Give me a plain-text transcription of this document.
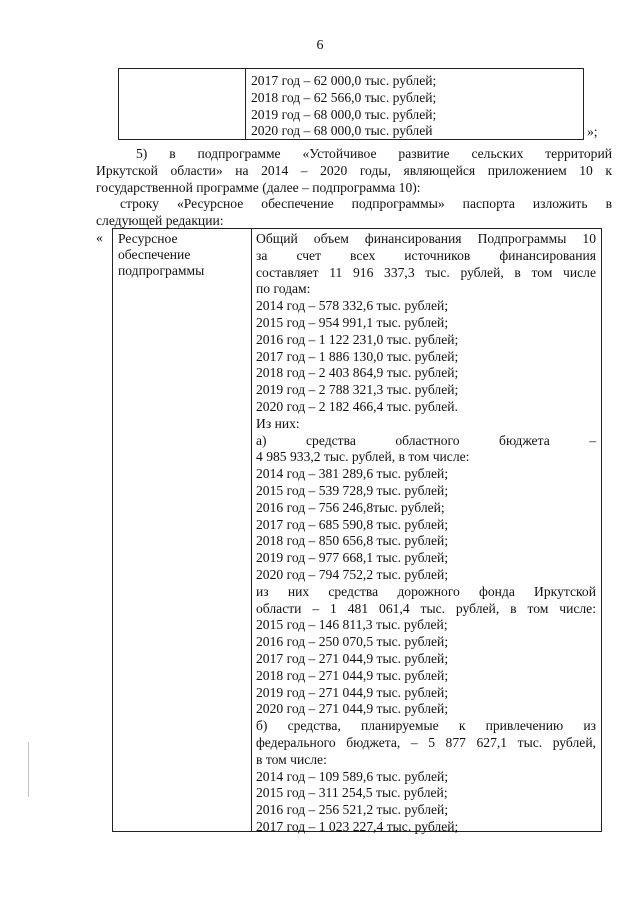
6
2017 год – 62 000,0 тыс. рублей;
2018 год – 62 566,0 тыс. рублей;
2019 год – 68 000,0 тыс. рублей;
2020 год – 68 000,0 тыс. рублей	»;
5) в подпрограмме «Устойчивое развитие сельских территорий
Иркутской области» на 2014 – 2020 годы, являющейся приложением 10 к
государственной программе (далее – подпрограмма 10):
строку «Ресурсное обеспечение подпрограммы» паспорта изложить в
следующей редакции:
« Ресурсное обеспечение подпрограммы
Общий объем финансирования Подпрограммы 10
за счет всех источников финансирования
составляет 11 916 337,3 тыс. рублей, в том числе
по годам:
2014 год – 578 332,6 тыс. рублей;
2015 год – 954 991,1 тыс. рублей;
2016 год – 1 122 231,0 тыс. рублей;
2017 год – 1 886 130,0 тыс. рублей;
2018 год – 2 403 864,9 тыс. рублей;
2019 год – 2 788 321,3 тыс. рублей;
2020 год – 2 182 466,4 тыс. рублей.
Из них:
а) средства областного бюджета –
4 985 933,2 тыс. рублей, в том числе:
2014 год – 381 289,6 тыс. рублей;
2015 год – 539 728,9 тыс. рублей;
2016 год – 756 246,8тыс. рублей;
2017 год – 685 590,8 тыс. рублей;
2018 год – 850 656,8 тыс. рублей;
2019 год – 977 668,1 тыс. рублей;
2020 год – 794 752,2 тыс. рублей;
из них средства дорожного фонда Иркутской
области – 1 481 061,4 тыс. рублей, в том числе:
2015 год – 146 811,3 тыс. рублей;
2016 год – 250 070,5 тыс. рублей;
2017 год – 271 044,9 тыс. рублей;
2018 год – 271 044,9 тыс. рублей;
2019 год – 271 044,9 тыс. рублей;
2020 год – 271 044,9 тыс. рублей;
б) средства, планируемые к привлечению из
федерального бюджета, – 5 877 627,1 тыс. рублей,
в том числе:
2014 год – 109 589,6 тыс. рублей;
2015 год – 311 254,5 тыс. рублей;
2016 год – 256 521,2 тыс. рублей;
2017 год – 1 023 227,4 тыс. рублей;
